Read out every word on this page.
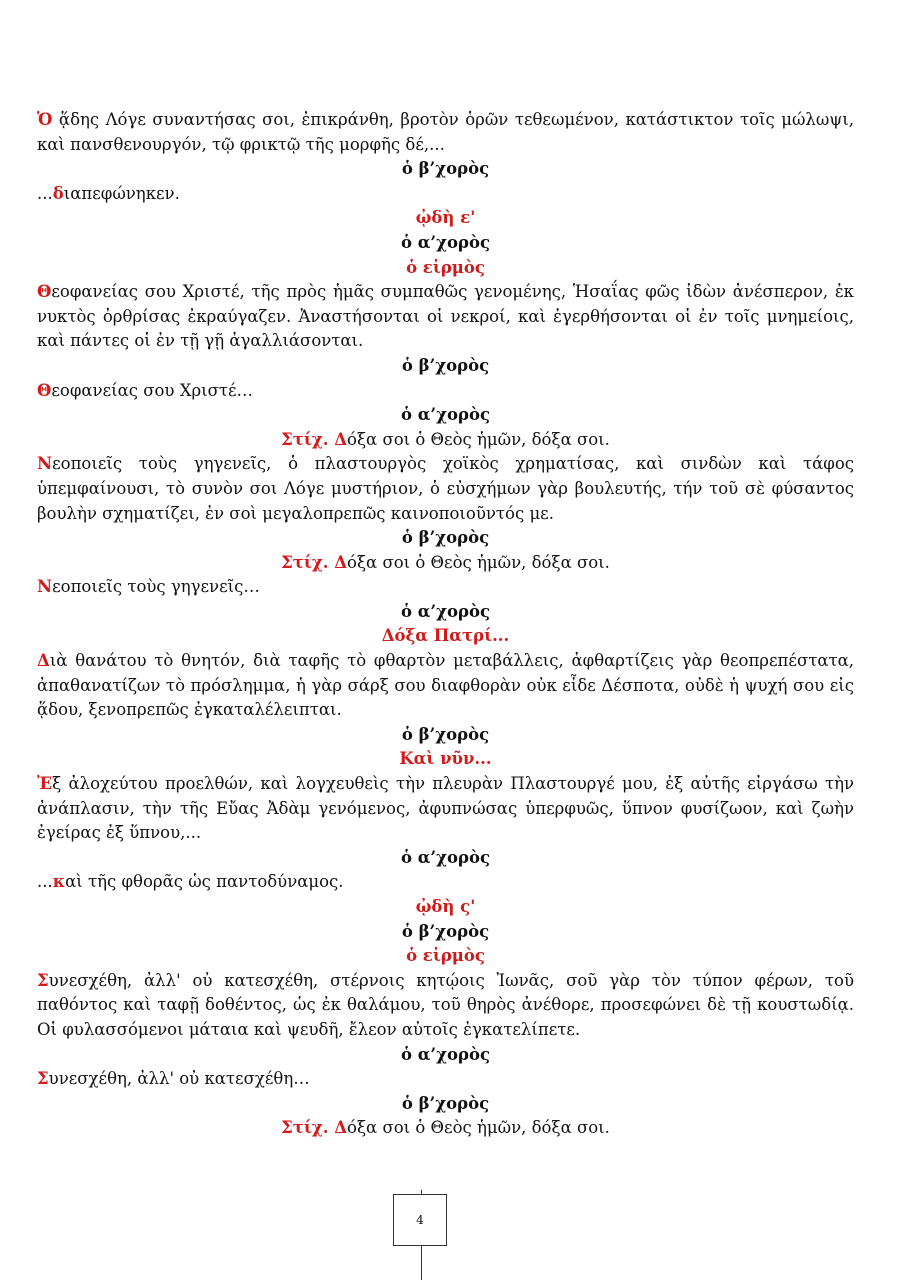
Ὁ ᾅδης Λόγε συναντήσας σοι, ἐπικράνθη, βροτὸν ὁρῶν τεθεωμένον, κατάστικτον τοῖς μώλωψι, καὶ πανσθενουργόν, τῷ φρικτῷ τῆς μορφῆς δέ,...

ὁ β’χορὸς

...διαπεφώνηκεν.

ᾠδὴ ε'
ὁ α’χορὸς
ὁ εἱρμὸς

Θεοφανείας σου Χριστέ, τῆς πρὸς ἡμᾶς συμπαθῶς γενομένης, Ἡσαΐας φῶς ἰδὼν ἀνέσπερον, ἐκ νυκτὸς ὀρθρίσας ἐκραύγαζεν. Ἀναστήσονται οἱ νεκροί, καὶ ἐγερθήσονται οἱ ἐν τοῖς μνημείοις, καὶ πάντες οἱ ἐν τῇ γῇ ἀγαλλιάσονται.

ὁ β’χορὸς

Θεοφανείας σου Χριστέ…

ὁ α’χορὸς
Στίχ. Δόξα σοι ὁ Θεὸς ἡμῶν, δόξα σοι.

Νεοποιεῖς τοὺς γηγενεῖς, ὁ πλαστουργὸς χοϊκὸς χρηματίσας, καὶ σινδὼν καὶ τάφος ὑπεμφαίνουσι, τὸ συνὸν σοι Λόγε μυστήριον, ὁ εὐσχήμων γὰρ βουλευτής, τήν τοῦ σὲ φύσαντος βουλὴν σχηματίζει, ἐν σοὶ μεγαλοπρεπῶς καινοποιοῦντός με.

ὁ β’χορὸς
Στίχ. Δόξα σοι ὁ Θεὸς ἡμῶν, δόξα σοι.

Νεοποιεῖς τοὺς γηγενεῖς…

ὁ α’χορὸς
Δόξα Πατρί...

Διὰ θανάτου τὸ θνητόν, διὰ ταφῆς τὸ φθαρτὸν μεταβάλλεις, ἀφθαρτίζεις γὰρ θεοπρεπέστατα, ἀπαθανατίζων τὸ πρόσλημμα, ἡ γὰρ σάρξ σου διαφθορὰν οὐκ εἶδε Δέσποτα, οὐδὲ ἡ ψυχή σου εἰς ᾅδου, ξενοπρεπῶς ἐγκαταλέλειπται.

ὁ β’χορὸς
Καὶ νῦν...

Ἐξ ἀλοχεύτου προελθών, καὶ λογχευθεὶς τὴν πλευρὰν Πλαστουργέ μου, ἐξ αὐτῆς εἰργάσω τὴν ἀνάπλασιν, τὴν τῆς Εὔας Ἀδὰμ γενόμενος, ἀφυπνώσας ὑπερφυῶς, ὕπνον φυσίζωον, καὶ ζωὴν ἐγείρας ἐξ ὕπνου,...

ὁ α’χορὸς

...καὶ τῆς φθορᾶς ὡς παντοδύναμος.

ᾠδὴ ς'
ὁ β’χορὸς
ὁ εἱρμὸς

Συνεσχέθη, ἀλλ' οὐ κατεσχέθη, στέρνοις κητῴοις Ἰωνᾶς, σοῦ γὰρ τὸν τύπον φέρων, τοῦ παθόντος καὶ ταφῇ δοθέντος, ὡς ἐκ θαλάμου, τοῦ θηρὸς ἀνέθορε, προσεφώνει δὲ τῇ κουστωδίᾳ. Οἱ φυλασσόμενοι μάταια καὶ ψευδῆ, ἔλεον αὐτοῖς ἐγκατελίπετε.

ὁ α’χορὸς

Συνεσχέθη, ἀλλ' οὐ κατεσχέθη…

ὁ β’χορὸς
Στίχ. Δόξα σοι ὁ Θεὸς ἡμῶν, δόξα σοι.
4
